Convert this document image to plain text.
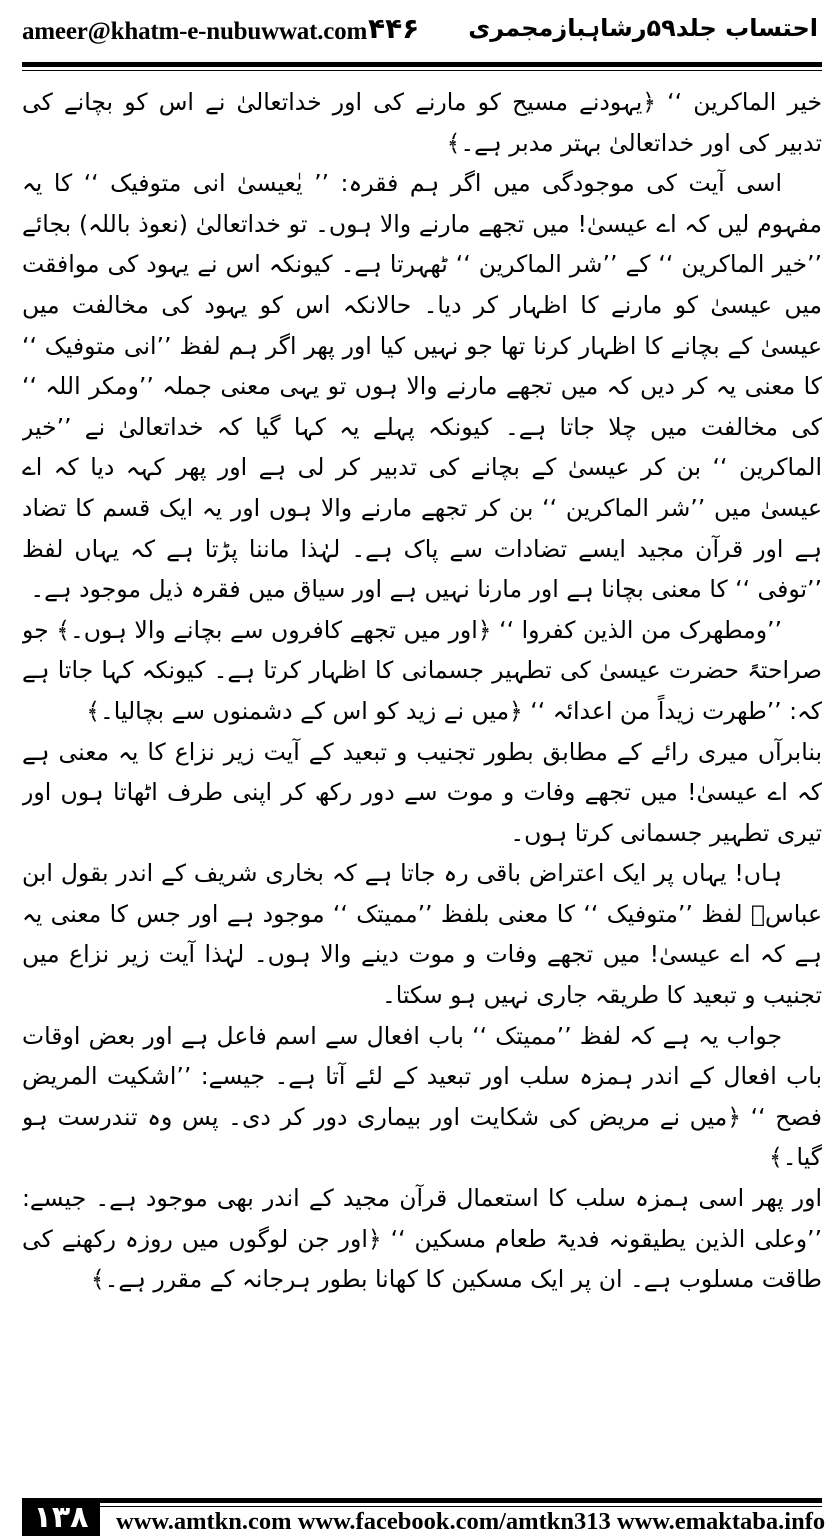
ameer@khatm-e-nubuwwat.com ۴۴۶ احتساب جلد۵۹رشاہبازمجمری

خیر الماکرین ‘‘ ﴿یہودنے مسیح کو مارنے کی اور خداتعالیٰ نے اس کو بچانے کی تدبیر کی اور خداتعالیٰ بہتر مدبر ہے۔﴾

اسی آیت کی موجودگی میں اگر ہم فقرہ: ’’ یٰعیسیٰ انی متوفیک ‘‘ کا یہ مفہوم لیں کہ اے عیسیٰ! میں تجھے مارنے والا ہوں۔ تو خداتعالیٰ (نعوذ باللہ) بجائے ’’خیر الماکرین ‘‘ کے ’’شر الماکرین ‘‘ ٹھہرتا ہے۔ کیونکہ اس نے یہود کی موافقت میں عیسیٰ کو مارنے کا اظہار کر دیا۔ حالانکہ اس کو یہود کی مخالفت میں عیسیٰ کے بچانے کا اظہار کرنا تھا جو نہیں کیا اور پھر اگر ہم لفظ ’’انی متوفیک ‘‘ کا معنی یہ کر دیں کہ میں تجھے مارنے والا ہوں تو یہی معنی جملہ ’’ومکر اللہ ‘‘ کی مخالفت میں چلا جاتا ہے۔ کیونکہ پہلے یہ کہا گیا کہ خداتعالیٰ نے ’’خیر الماکرین ‘‘ بن کر عیسیٰ کے بچانے کی تدبیر کر لی ہے اور پھر کہہ دیا کہ اے عیسیٰ میں ’’شر الماکرین ‘‘ بن کر تجھے مارنے والا ہوں اور یہ ایک قسم کا تضاد ہے اور قرآن مجید ایسے تضادات سے پاک ہے۔ لہٰذا ماننا پڑتا ہے کہ یہاں لفظ ’’توفی ‘‘ کا معنی بچانا ہے اور مارنا نہیں ہے اور سیاق میں فقرہ ذیل موجود ہے۔

’’ومطھرک من الذین کفروا ‘‘ ﴿اور میں تجھے کافروں سے بچانے والا ہوں۔﴾ جو صراحتہً حضرت عیسیٰ کی تطہیر جسمانی کا اظہار کرتا ہے۔ کیونکہ کہا جاتا ہے کہ: ’’طھرت زیداً من اعدائہ ‘‘ ﴿میں نے زید کو اس کے دشمنوں سے بچالیا۔﴾

بنابرآں میری رائے کے مطابق بطور تجنیب و تبعید کے آیت زیر نزاع کا یہ معنی ہے کہ اے عیسیٰ! میں تجھے وفات و موت سے دور رکھ کر اپنی طرف اٹھاتا ہوں اور تیری تطہیر جسمانی کرتا ہوں۔

ہاں! یہاں پر ایک اعتراض باقی رہ جاتا ہے کہ بخاری شریف کے اندر بقول ابن عباسؓ لفظ ’’متوفیک ‘‘ کا معنی بلفظ ’’ممیتک ‘‘ موجود ہے اور جس کا معنی یہ ہے کہ اے عیسیٰ! میں تجھے وفات و موت دینے والا ہوں۔ لہٰذا آیت زیر نزاع میں تجنیب و تبعید کا طریقہ جاری نہیں ہو سکتا۔

جواب یہ ہے کہ لفظ ’’ممیتک ‘‘ باب افعال سے اسم فاعل ہے اور بعض اوقات باب افعال کے اندر ہمزہ سلب اور تبعید کے لئے آتا ہے۔ جیسے: ’’اشکیت المریض فصح ‘‘ ﴿میں نے مریض کی شکایت اور بیماری دور کر دی۔ پس وہ تندرست ہو گیا۔﴾

اور پھر اسی ہمزہ سلب کا استعمال قرآن مجید کے اندر بھی موجود ہے۔ جیسے: ’’وعلی الذین یطیقونہ فدیۃ طعام مسکین ‘‘ ﴿اور جن لوگوں میں روزہ رکھنے کی طاقت مسلوب ہے۔ ان پر ایک مسکین کا کھانا بطور ہرجانہ کے مقرر ہے۔﴾

۱۳۸	www.amtkn.com www.facebook.com/amtkn313 www.emaktaba.info
